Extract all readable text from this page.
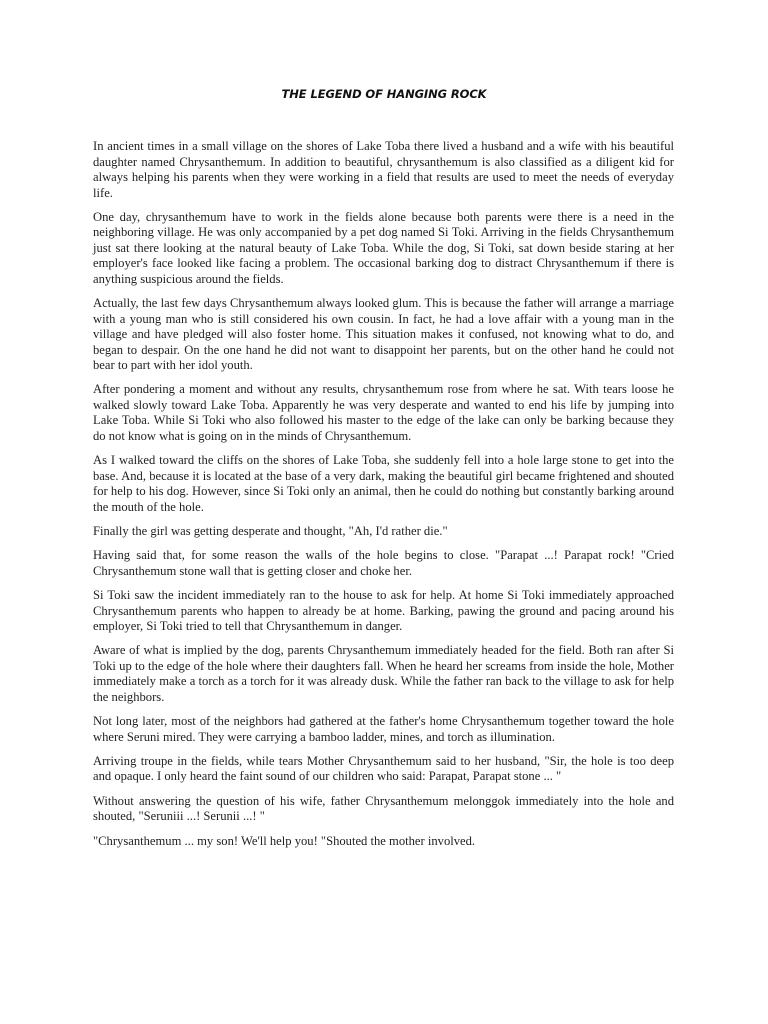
THE LEGEND OF HANGING ROCK

In ancient times in a small village on the shores of Lake Toba there lived a husband and a wife with his beautiful daughter named Chrysanthemum. In addition to beautiful, chrysanthemum is also classified as a diligent kid for always helping his parents when they were working in a field that results are used to meet the needs of everyday life.

One day, chrysanthemum have to work in the fields alone because both parents were there is a need in the neighboring village. He was only accompanied by a pet dog named Si Toki. Arriving in the fields Chrysanthemum just sat there looking at the natural beauty of Lake Toba. While the dog, Si Toki, sat down beside staring at her employer's face looked like facing a problem. The occasional barking dog to distract Chrysanthemum if there is anything suspicious around the fields.

Actually, the last few days Chrysanthemum always looked glum. This is because the father will arrange a marriage with a young man who is still considered his own cousin. In fact, he had a love affair with a young man in the village and have pledged will also foster home. This situation makes it confused, not knowing what to do, and began to despair. On the one hand he did not want to disappoint her parents, but on the other hand he could not bear to part with her idol youth.

After pondering a moment and without any results, chrysanthemum rose from where he sat. With tears loose he walked slowly toward Lake Toba. Apparently he was very desperate and wanted to end his life by jumping into Lake Toba. While Si Toki who also followed his master to the edge of the lake can only be barking because they do not know what is going on in the minds of Chrysanthemum.

As I walked toward the cliffs on the shores of Lake Toba, she suddenly fell into a hole large stone to get into the base. And, because it is located at the base of a very dark, making the beautiful girl became frightened and shouted for help to his dog. However, since Si Toki only an animal, then he could do nothing but constantly barking around the mouth of the hole.

Finally the girl was getting desperate and thought, "Ah, I'd rather die."

Having said that, for some reason the walls of the hole begins to close. "Parapat ...! Parapat rock! "Cried Chrysanthemum stone wall that is getting closer and choke her.

Si Toki saw the incident immediately ran to the house to ask for help. At home Si Toki immediately approached Chrysanthemum parents who happen to already be at home. Barking, pawing the ground and pacing around his employer, Si Toki tried to tell that Chrysanthemum in danger.

Aware of what is implied by the dog, parents Chrysanthemum immediately headed for the field. Both ran after Si Toki up to the edge of the hole where their daughters fall. When he heard her screams from inside the hole, Mother immediately make a torch as a torch for it was already dusk. While the father ran back to the village to ask for help the neighbors.

Not long later, most of the neighbors had gathered at the father's home Chrysanthemum together toward the hole where Seruni mired. They were carrying a bamboo ladder, mines, and torch as illumination.

Arriving troupe in the fields, while tears Mother Chrysanthemum said to her husband, "Sir, the hole is too deep and opaque. I only heard the faint sound of our children who said: Parapat, Parapat stone ... "

Without answering the question of his wife, father Chrysanthemum melonggok immediately into the hole and shouted, "Seruniii ...! Serunii ...! "

"Chrysanthemum ... my son! We'll help you! "Shouted the mother involved.
